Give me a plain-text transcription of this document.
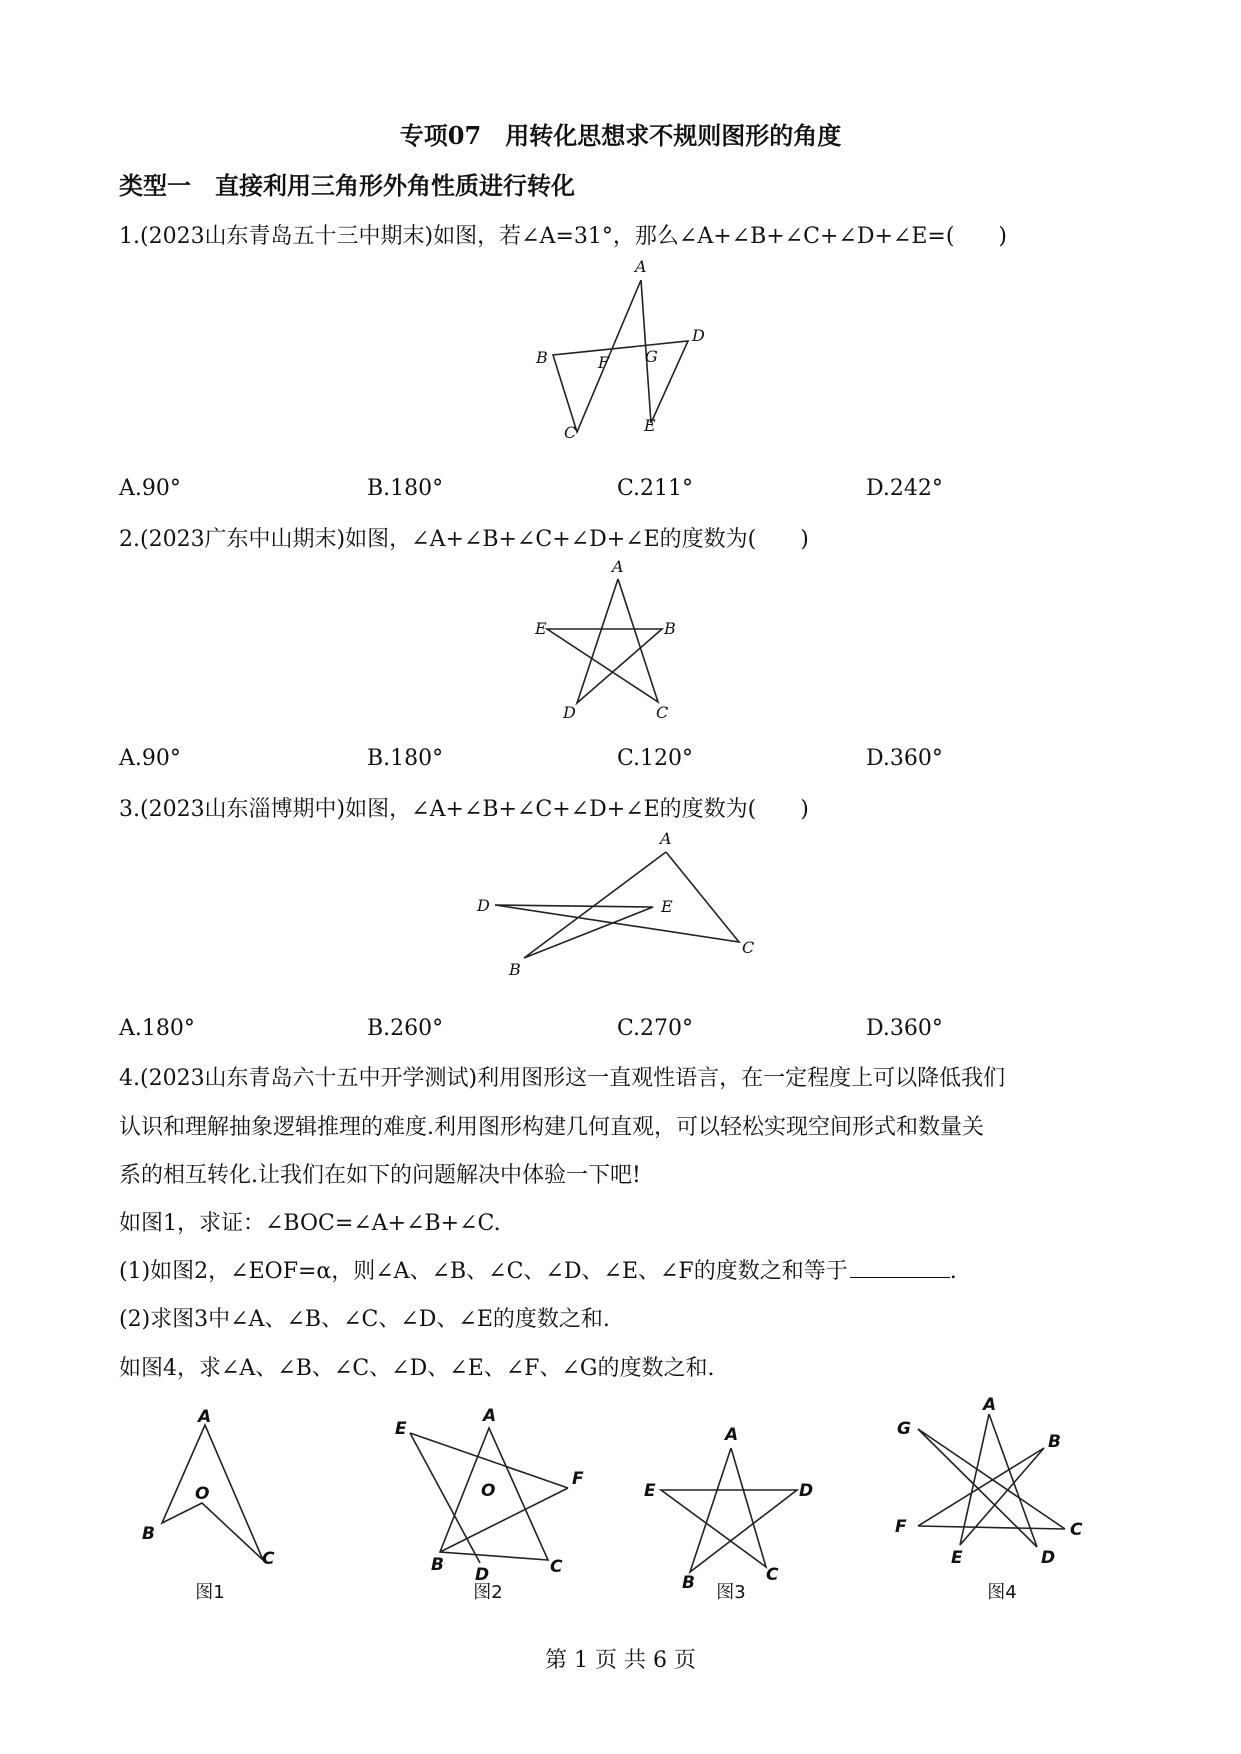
专项07　用转化思想求不规则图形的角度
类型一　直接利用三角形外角性质进行转化
1.(2023山东青岛五十三中期末)如图，若∠A=31°，那么∠A+∠B+∠C+∠D+∠E=(　　)
A
B
C
D
E
F G
A.90°	B.180°	C.211°	D.242°
2.(2023广东中山期末)如图，∠A+∠B+∠C+∠D+∠E的度数为(　　)
A
B
C
D
E
A.90°	B.180°	C.120°	D.360°
3.(2023山东淄博期中)如图，∠A+∠B+∠C+∠D+∠E的度数为(　　)
A
B
C
D	E
A.180°	B.260°	C.270°	D.360°
4.(2023山东青岛六十五中开学测试)利用图形这一直观性语言，在一定程度上可以降低我们
认识和理解抽象逻辑推理的难度.利用图形构建几何直观，可以轻松实现空间形式和数量关
系的相互转化.让我们在如下的问题解决中体验一下吧!
如图1，求证：∠BOC=∠A+∠B+∠C.
(1)如图2，∠EOF=α，则∠A、∠B、∠C、∠D、∠E、∠F的度数之和等于	.
(2)求图3中∠A、∠B、∠C、∠D、∠E的度数之和.
如图4，求∠A、∠B、∠C、∠D、∠E、∠F、∠G的度数之和.
A
O
B
C
图1
E
A
F
O
B D	C
图2
A
E	D
B	C
图3
A
G
B
F	C
E	D
图4
第 1 页 共 6 页
